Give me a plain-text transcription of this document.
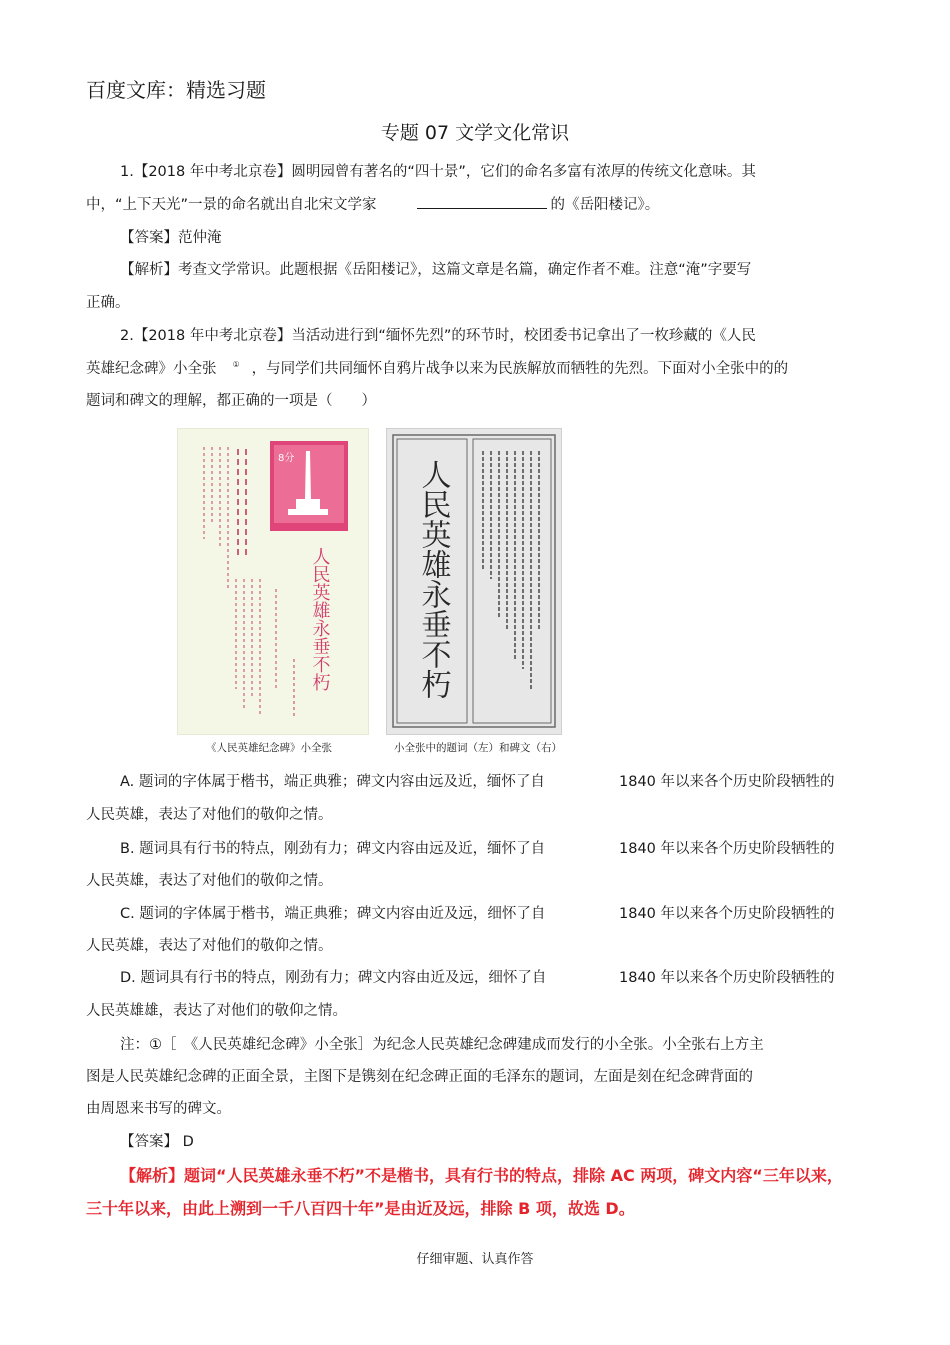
百度文库：精选习题
专题 07 文学文化常识
1.【2018 年中考北京卷】圆明园曾有著名的“四十景”，它们的命名多富有浓厚的传统文化意味。其
中，“上下天光”一景的命名就出自北宋文学家	的《岳阳楼记》。
【答案】范仲淹
【解析】考查文学常识。此题根据《岳阳楼记》，这篇文章是名篇，确定作者不难。注意“淹”字要写
正确。
2.【2018 年中考北京卷】当活动进行到“缅怀先烈”的环节时，校团委书记拿出了一枚珍藏的《人民
英雄纪念碑》小全张 ① ，与同学们共同缅怀自鸦片战争以来为民族解放而牺牲的先烈。下面对小全张中的的
题词和碑文的理解，都正确的一项是（　　）
8分
人民英雄永垂不朽	人民英雄永垂不朽
《人民英雄纪念碑》小全张	小全张中的题词（左）和碑文（右）
A. 题词的字体属于楷书，端正典雅；碑文内容由远及近，缅怀了自	1840 年以来各个历史阶段牺牲的
人民英雄，表达了对他们的敬仰之情。
B. 题词具有行书的特点，刚劲有力；碑文内容由远及近，缅怀了自	1840 年以来各个历史阶段牺牲的
人民英雄，表达了对他们的敬仰之情。
C. 题词的字体属于楷书，端正典雅；碑文内容由近及远，细怀了自	1840 年以来各个历史阶段牺牲的
人民英雄，表达了对他们的敬仰之情。
D. 题词具有行书的特点，刚劲有力；碑文内容由近及远，细怀了自	1840 年以来各个历史阶段牺牲的
人民英雄雄，表达了对他们的敬仰之情。
注：①［　《人民英雄纪念碑》小全张］为纪念人民英雄纪念碑建成而发行的小全张。小全张右上方主
图是人民英雄纪念碑的正面全景，主图下是镌刻在纪念碑正面的毛泽东的题词，左面是刻在纪念碑背面的
由周恩来书写的碑文。
【答案】 D
【解析】题词“人民英雄永垂不朽”不是楷书，具有行书的特点，排除 AC 两项，碑文内容“三年以来，
三十年以来，由此上溯到一千八百四十年”是由近及远，排除 B 项，故选 D。
仔细审题、认真作答
